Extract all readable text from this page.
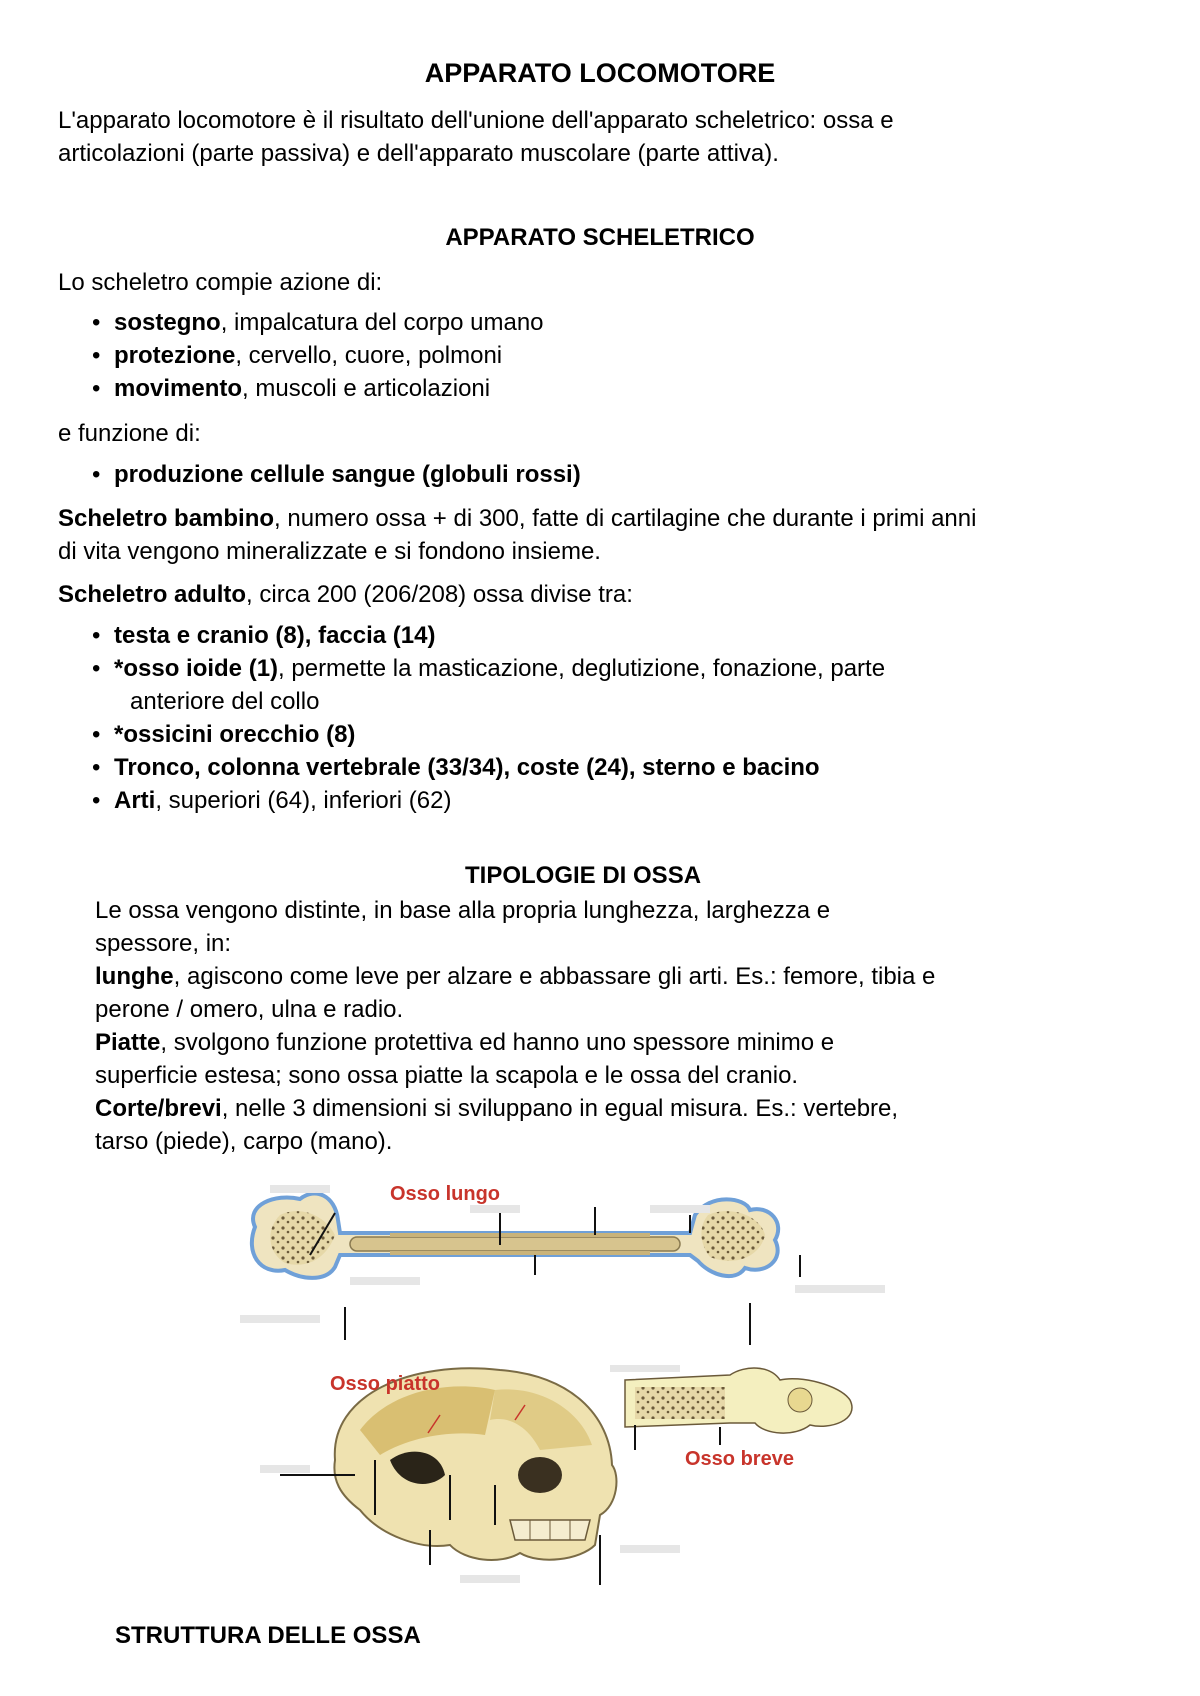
APPARATO LOCOMOTORE
L'apparato locomotore è il risultato dell'unione dell'apparato scheletrico: ossa e
articolazioni (parte passiva) e dell'apparato muscolare (parte attiva).
APPARATO SCHELETRICO
Lo scheletro compie azione di:
• sostegno, impalcatura del corpo umano
• protezione, cervello, cuore, polmoni
• movimento, muscoli e articolazioni
e funzione di:
• produzione cellule sangue (globuli rossi)
Scheletro bambino, numero ossa + di 300, fatte di cartilagine che durante i primi anni
di vita vengono mineralizzate e si fondono insieme.
Scheletro adulto, circa 200 (206/208) ossa divise tra:
• testa e cranio (8), faccia (14)
• *osso ioide (1), permette la masticazione, deglutizione, fonazione, parte
anteriore del collo
• *ossicini orecchio (8)
• Tronco, colonna vertebrale (33/34), coste (24), sterno e bacino
• Arti, superiori (64), inferiori (62)
TIPOLOGIE DI OSSA
Le ossa vengono distinte, in base alla propria lunghezza, larghezza e
spessore, in:
lunghe, agiscono come leve per alzare e abbassare gli arti. Es.: femore, tibia e
perone / omero, ulna e radio.
Piatte, svolgono funzione protettiva ed hanno uno spessore minimo e
superficie estesa; sono ossa piatte la scapola e le ossa del cranio.
Corte/brevi, nelle 3 dimensioni si sviluppano in egual misura. Es.: vertebre,
tarso (piede), carpo (mano).
Osso lungo
Osso piatto
Osso breve
STRUTTURA DELLE OSSA
